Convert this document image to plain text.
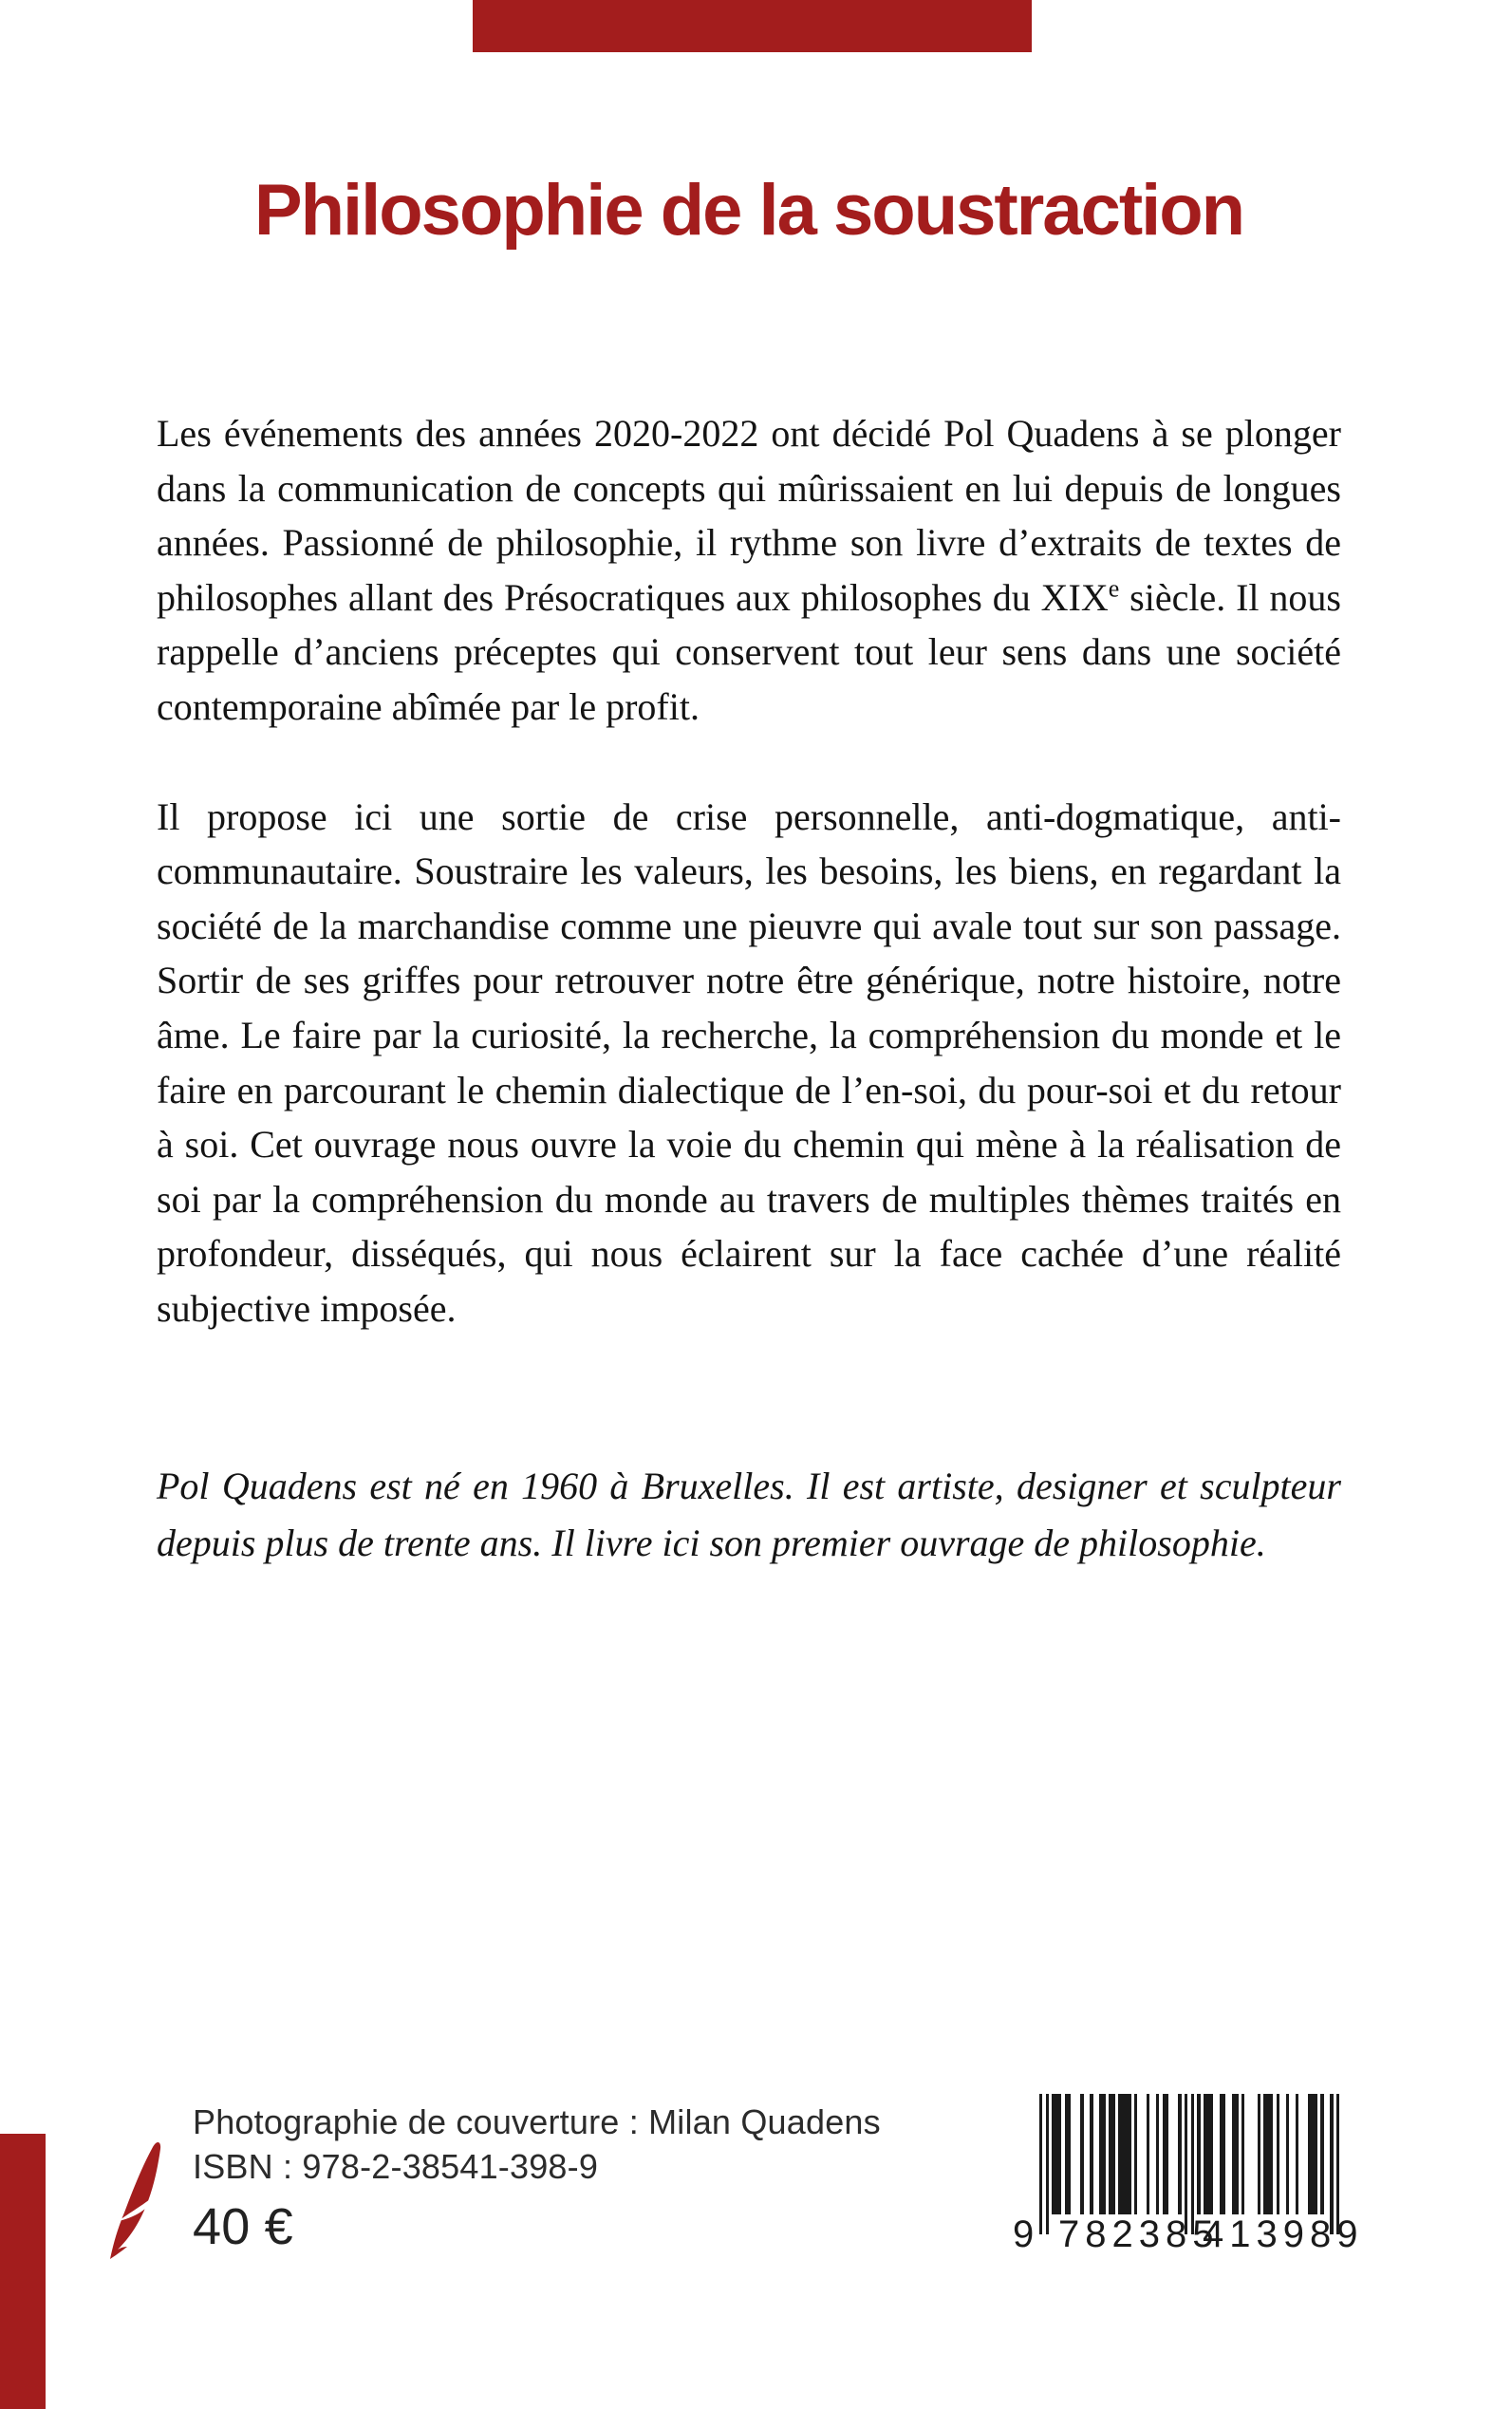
Philosophie de la soustraction

Les événements des années 2020-2022 ont décidé Pol Quadens à se plonger dans la communication de concepts qui mûrissaient en lui depuis de longues années. Passionné de philosophie, il rythme son livre d’extraits de textes de philosophes allant des Présocratiques aux philosophes du XIXe siècle. Il nous rappelle d’anciens préceptes qui conservent tout leur sens dans une société contemporaine abîmée par le profit.

Il propose ici une sortie de crise personnelle, anti-dogmatique, anti-communautaire. Soustraire les valeurs, les besoins, les biens, en regardant la société de la marchandise comme une pieuvre qui avale tout sur son passage. Sortir de ses griffes pour retrouver notre être générique, notre histoire, notre âme. Le faire par la curiosité, la recherche, la compréhension du monde et le faire en parcourant le chemin dialectique de l’en-soi, du pour-soi et du retour à soi. Cet ouvrage nous ouvre la voie du chemin qui mène à la réalisation de soi par la compréhension du monde au travers de multiples thèmes traités en profondeur, disséqués, qui nous éclairent sur la face cachée d’une réalité subjective imposée.

Pol Quadens est né en 1960 à Bruxelles. Il est artiste, designer et sculpteur depuis plus de trente ans. Il livre ici son premier ouvrage de philosophie.

Photographie de couverture : Milan Quadens
ISBN : 978-2-38541-398-9
40 €	9 782385
413989
